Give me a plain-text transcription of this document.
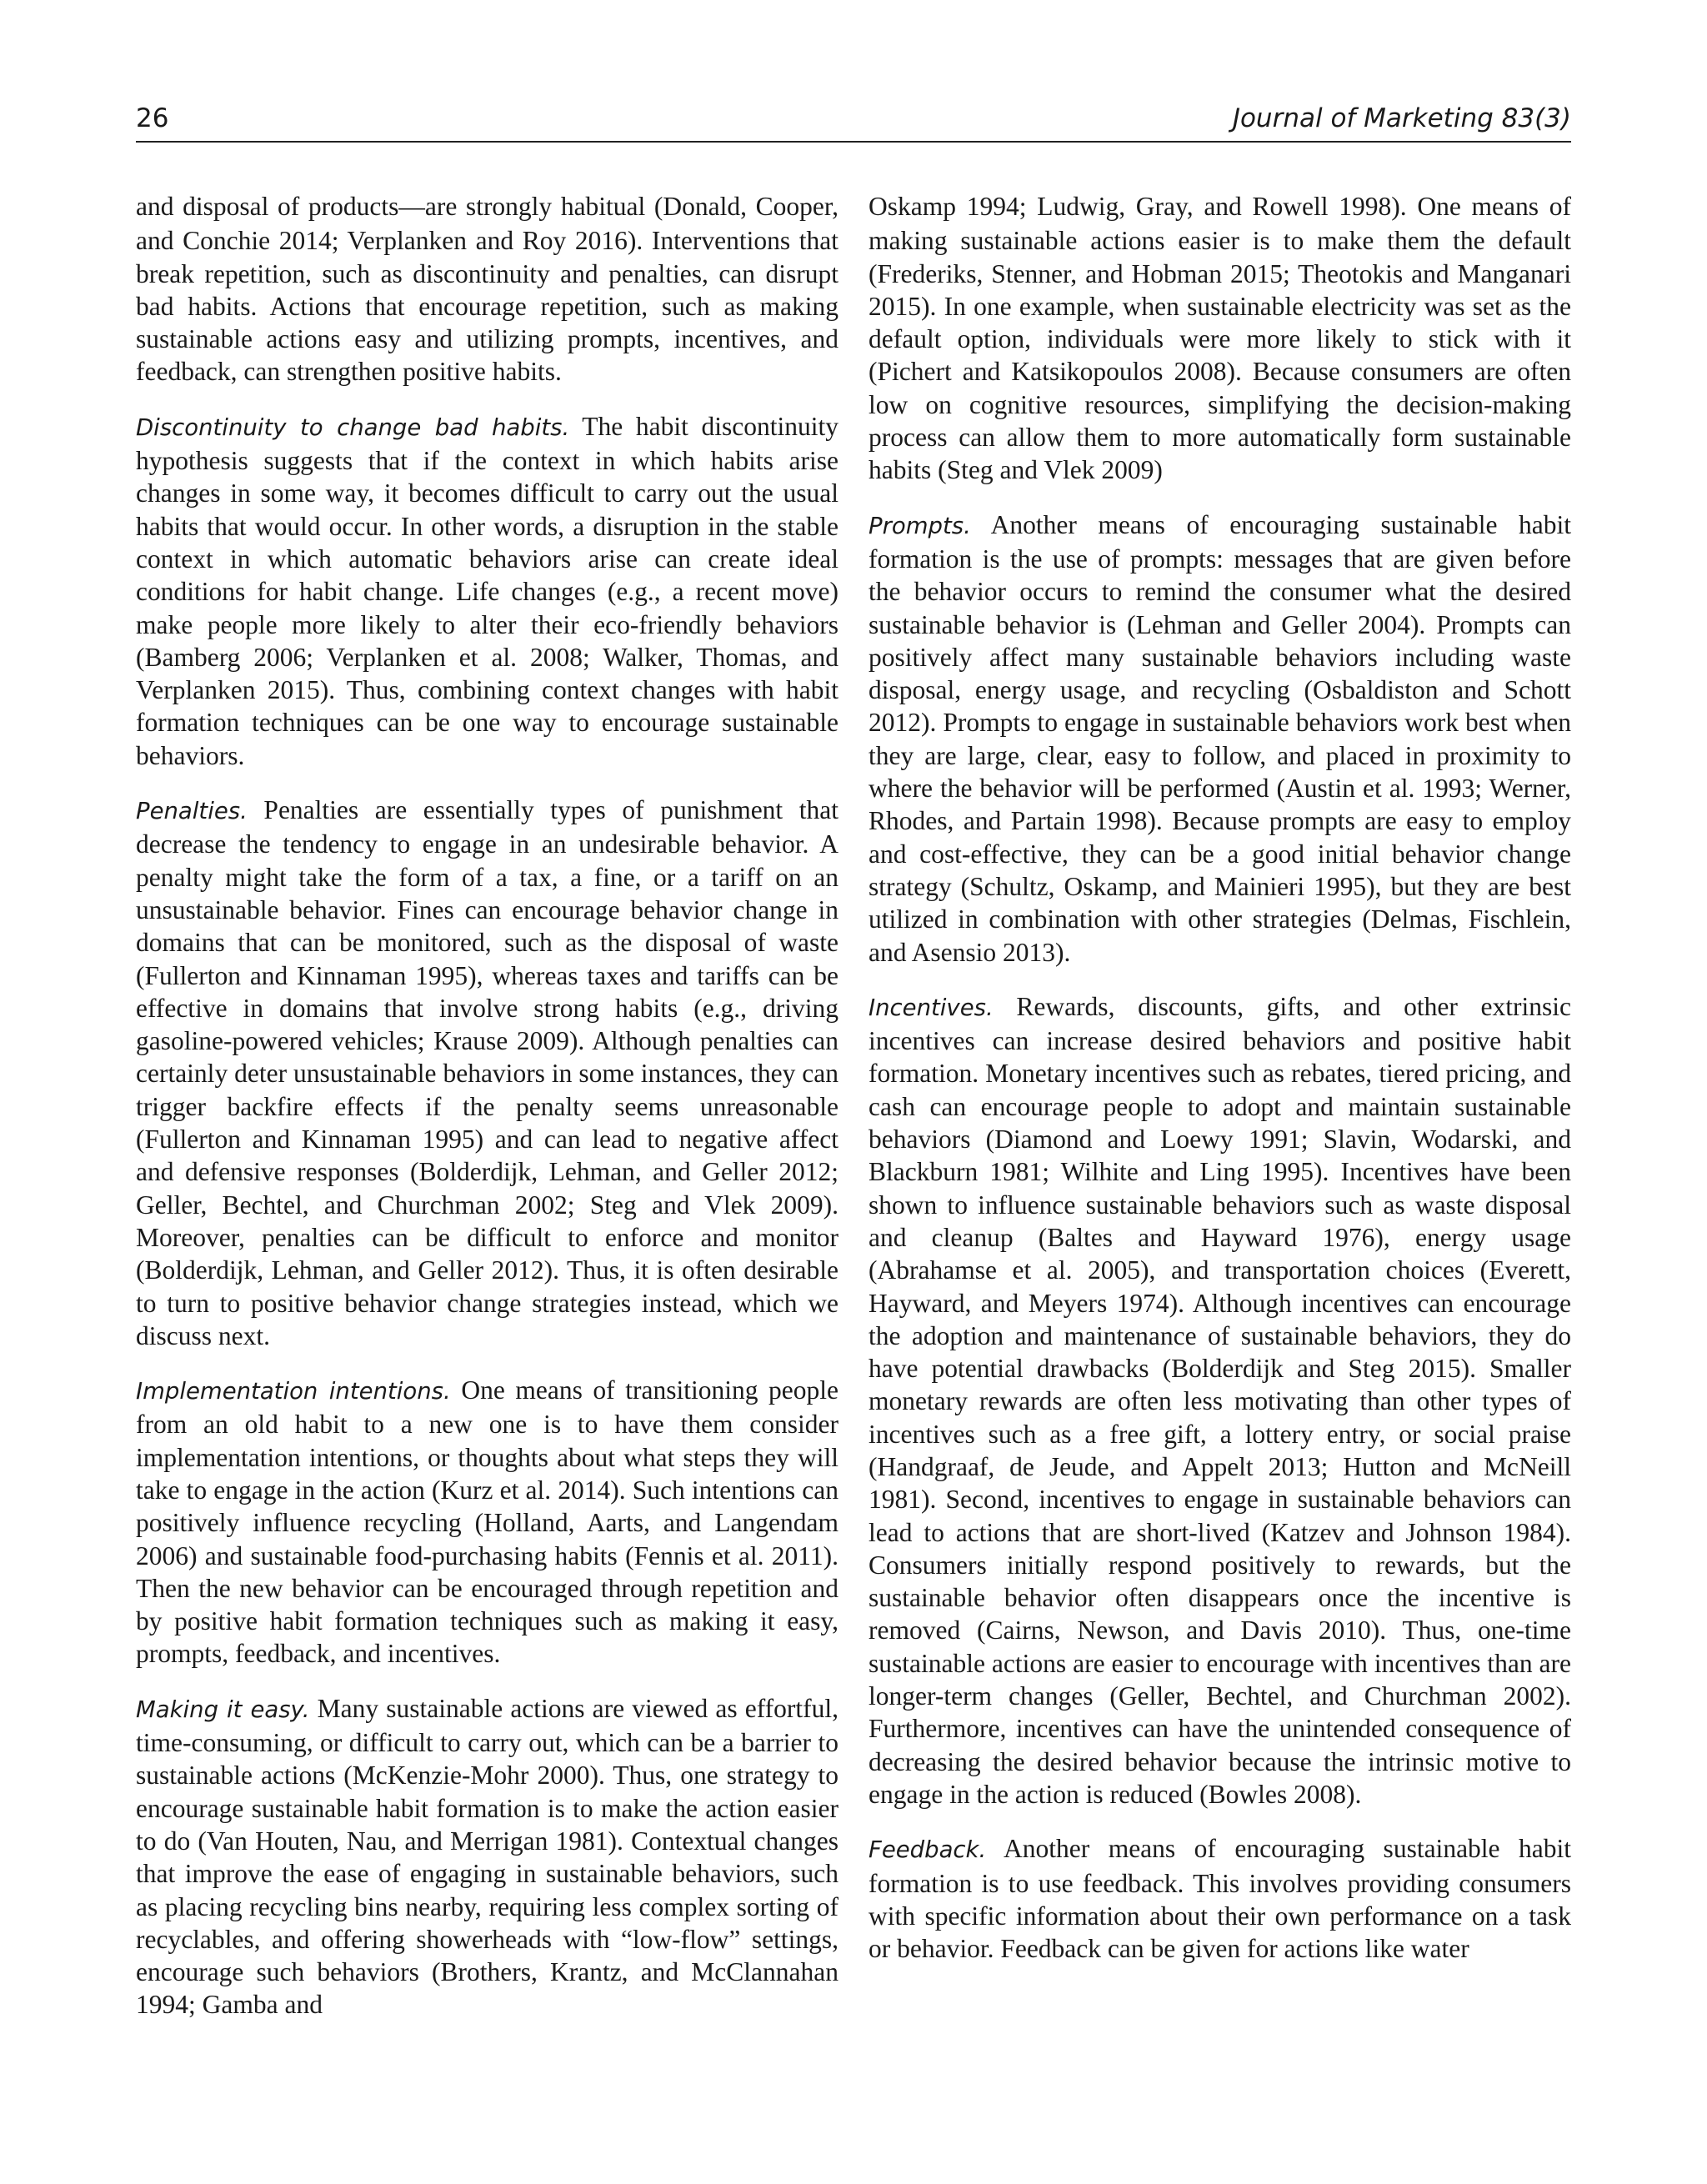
26	Journal of Marketing 83(3)

and disposal of products—are strongly habitual (Donald, Cooper, and Conchie 2014; Verplanken and Roy 2016). Interventions that break repetition, such as discontinuity and penalties, can disrupt bad habits. Actions that encourage repetition, such as making sustainable actions easy and utilizing prompts, incentives, and feedback, can strengthen positive habits.

Discontinuity to change bad habits. The habit discontinuity hypothesis suggests that if the context in which habits arise changes in some way, it becomes difficult to carry out the usual habits that would occur. In other words, a disruption in the stable context in which automatic behaviors arise can create ideal conditions for habit change. Life changes (e.g., a recent move) make people more likely to alter their eco-friendly behaviors (Bamberg 2006; Verplanken et al. 2008; Walker, Thomas, and Verplanken 2015). Thus, combining context changes with habit formation techniques can be one way to encourage sustainable behaviors.

Penalties. Penalties are essentially types of punishment that decrease the tendency to engage in an undesirable behavior. A penalty might take the form of a tax, a fine, or a tariff on an unsustainable behavior. Fines can encourage behavior change in domains that can be monitored, such as the disposal of waste (Fullerton and Kinnaman 1995), whereas taxes and tariffs can be effective in domains that involve strong habits (e.g., driving gasoline-powered vehicles; Krause 2009). Although penalties can certainly deter unsustainable behaviors in some instances, they can trigger backfire effects if the penalty seems unreasonable (Fullerton and Kinnaman 1995) and can lead to negative affect and defensive responses (Bolderdijk, Lehman, and Geller 2012; Geller, Bechtel, and Churchman 2002; Steg and Vlek 2009). Moreover, penalties can be difficult to enforce and monitor (Bolderdijk, Lehman, and Geller 2012). Thus, it is often desirable to turn to positive behavior change strategies instead, which we discuss next.

Implementation intentions. One means of transitioning people from an old habit to a new one is to have them consider implementation intentions, or thoughts about what steps they will take to engage in the action (Kurz et al. 2014). Such intentions can positively influence recycling (Holland, Aarts, and Langendam 2006) and sustainable food-purchasing habits (Fennis et al. 2011). Then the new behavior can be encouraged through repetition and by positive habit formation techniques such as making it easy, prompts, feedback, and incentives.

Making it easy. Many sustainable actions are viewed as effortful, time-consuming, or difficult to carry out, which can be a barrier to sustainable actions (McKenzie-Mohr 2000). Thus, one strategy to encourage sustainable habit formation is to make the action easier to do (Van Houten, Nau, and Merrigan 1981). Contextual changes that improve the ease of engaging in sustainable behaviors, such as placing recycling bins nearby, requiring less complex sorting of recyclables, and offering showerheads with “low-flow” settings, encourage such behaviors (Brothers, Krantz, and McClannahan 1994; Gamba and

Oskamp 1994; Ludwig, Gray, and Rowell 1998). One means of making sustainable actions easier is to make them the default (Frederiks, Stenner, and Hobman 2015; Theotokis and Manganari 2015). In one example, when sustainable electricity was set as the default option, individuals were more likely to stick with it (Pichert and Katsikopoulos 2008). Because consumers are often low on cognitive resources, simplifying the decision-making process can allow them to more automatically form sustainable habits (Steg and Vlek 2009)

Prompts. Another means of encouraging sustainable habit formation is the use of prompts: messages that are given before the behavior occurs to remind the consumer what the desired sustainable behavior is (Lehman and Geller 2004). Prompts can positively affect many sustainable behaviors including waste disposal, energy usage, and recycling (Osbaldiston and Schott 2012). Prompts to engage in sustainable behaviors work best when they are large, clear, easy to follow, and placed in proximity to where the behavior will be performed (Austin et al. 1993; Werner, Rhodes, and Partain 1998). Because prompts are easy to employ and cost-effective, they can be a good initial behavior change strategy (Schultz, Oskamp, and Mainieri 1995), but they are best utilized in combination with other strategies (Delmas, Fischlein, and Asensio 2013).

Incentives. Rewards, discounts, gifts, and other extrinsic incentives can increase desired behaviors and positive habit formation. Monetary incentives such as rebates, tiered pricing, and cash can encourage people to adopt and maintain sustainable behaviors (Diamond and Loewy 1991; Slavin, Wodarski, and Blackburn 1981; Wilhite and Ling 1995). Incentives have been shown to influence sustainable behaviors such as waste disposal and cleanup (Baltes and Hayward 1976), energy usage (Abrahamse et al. 2005), and transportation choices (Everett, Hayward, and Meyers 1974). Although incentives can encourage the adoption and maintenance of sustainable behaviors, they do have potential drawbacks (Bolderdijk and Steg 2015). Smaller monetary rewards are often less motivating than other types of incentives such as a free gift, a lottery entry, or social praise (Handgraaf, de Jeude, and Appelt 2013; Hutton and McNeill 1981). Second, incentives to engage in sustainable behaviors can lead to actions that are short-lived (Katzev and Johnson 1984). Consumers initially respond positively to rewards, but the sustainable behavior often disappears once the incentive is removed (Cairns, Newson, and Davis 2010). Thus, one-time sustainable actions are easier to encourage with incentives than are longer-term changes (Geller, Bechtel, and Churchman 2002). Furthermore, incentives can have the unintended consequence of decreasing the desired behavior because the intrinsic motive to engage in the action is reduced (Bowles 2008).

Feedback. Another means of encouraging sustainable habit formation is to use feedback. This involves providing consumers with specific information about their own performance on a task or behavior. Feedback can be given for actions like water
